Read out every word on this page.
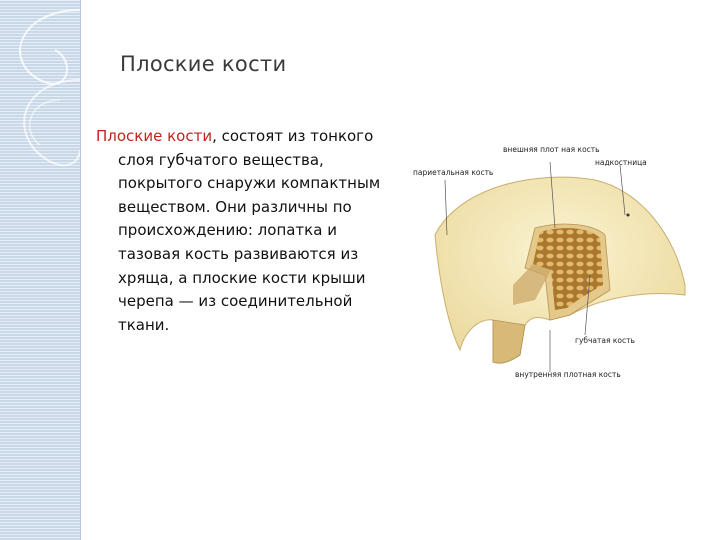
Плоские кости
Плоские кости, состоят из тонкого слоя губчатого вещества, покрытого снаружи компактным веществом. Они различны по происхождению: лопатка и тазовая кость развиваются из хряща, а плоские кости крыши черепа — из соединительной ткани.
внешняя плот ная кость
надкостница
париетальная кость
губчатая кость
внутренняя плотная кость
